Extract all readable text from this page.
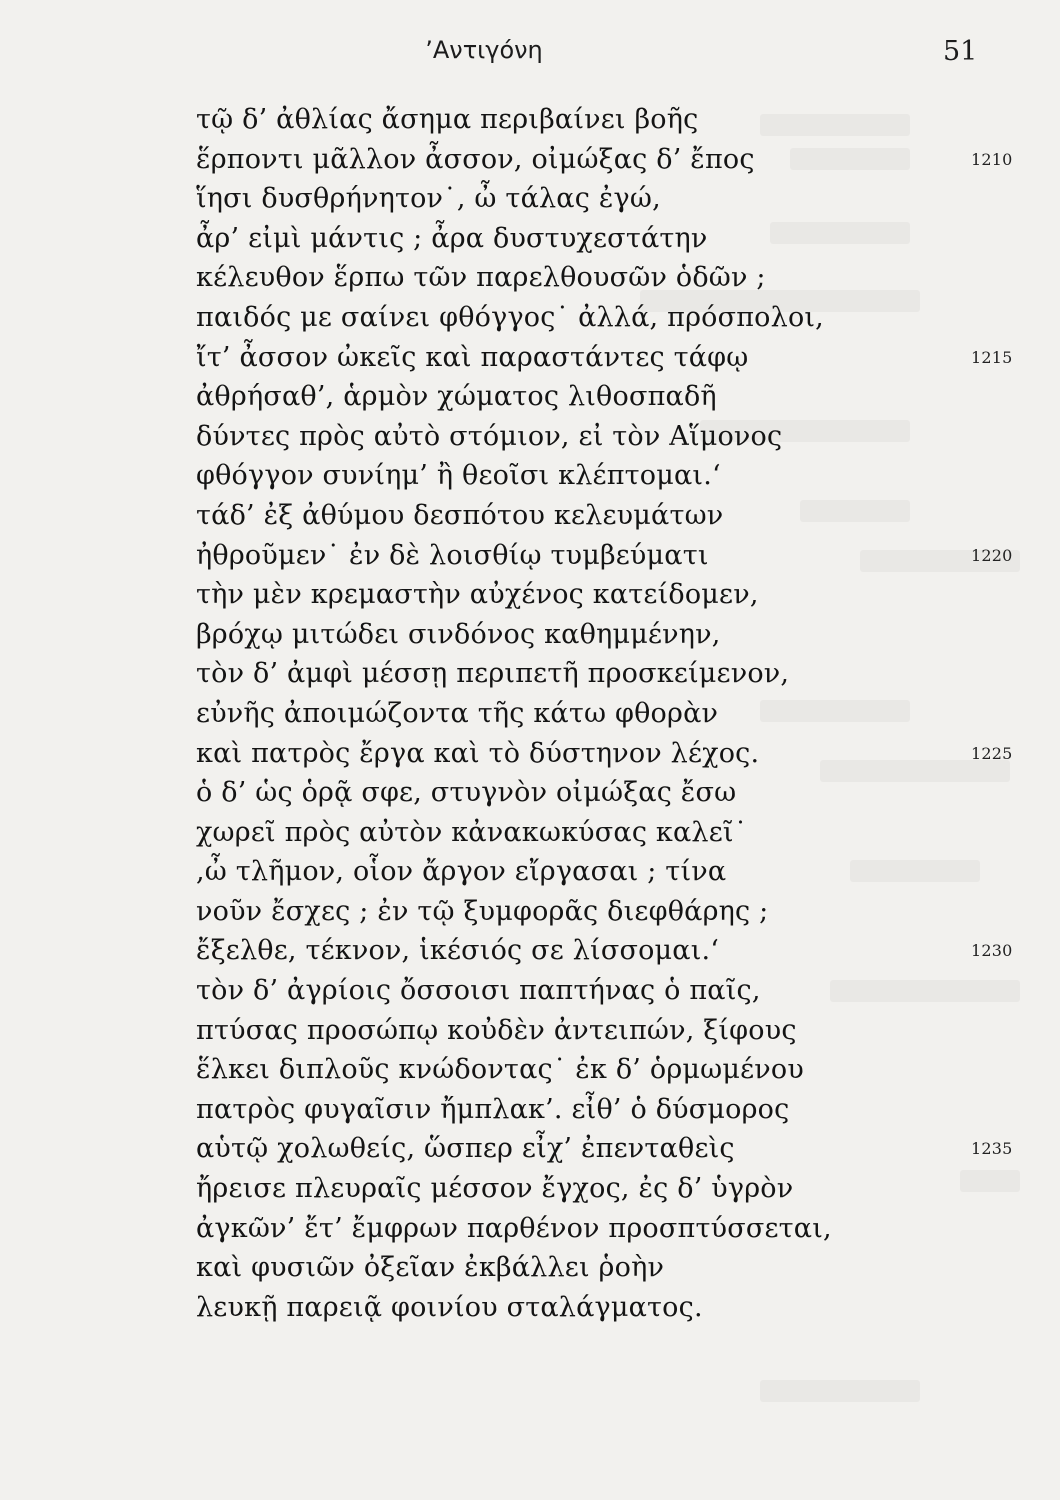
’Αντιγόνη	51
τῷ δ’ ἀθλίας ἄσημα περιβαίνει βοῆς
ἕρποντι μᾶλλον ἆσσον, οἰμώξας δ’ ἔπος	1210
ἵησι δυσθρήνητον˙, ὦ τάλας ἐγώ,
ἆρ’ εἰμὶ μάντις ; ἆρα δυστυχεστάτην
κέλευθον ἕρπω τῶν παρελθουσῶν ὁδῶν ;
παιδός με σαίνει φθόγγος˙ ἀλλά, πρόσπολοι,
ἴτ’ ἆσσον ὠκεῖς καὶ παραστάντες τάφῳ	1215
ἀθρήσαθ’, ἁρμὸν χώματος λιθοσπαδῆ
δύντες πρὸς αὐτὸ στόμιον, εἰ τὸν Αἵμονος
φθόγγον συνίημ’ ἢ θεοῖσι κλέπτομαι.‘
τάδ’ ἐξ ἀθύμου δεσπότου κελευμάτων
ἠθροῦμεν˙ ἐν δὲ λοισθίῳ τυμβεύματι	1220
τὴν μὲν κρεμαστὴν αὐχένος κατείδομεν,
βρόχῳ μιτώδει σινδόνος καθημμένην,
τὸν δ’ ἀμφὶ μέσσῃ περιπετῆ προσκείμενον,
εὐνῆς ἀποιμώζοντα τῆς κάτω φθορὰν
καὶ πατρὸς ἔργα καὶ τὸ δύστηνον λέχος.	1225
ὁ δ’ ὡς ὁρᾷ σφε, στυγνὸν οἰμώξας ἔσω
χωρεῖ πρὸς αὐτὸν κἀνακωκύσας καλεῖ˙
,ὦ τλῆμον, οἷον ἄργον εἴργασαι ; τίνα
νοῦν ἔσχες ; ἐν τῷ ξυμφορᾶς διεφθάρης ;
ἔξελθε, τέκνον, ἱκέσιός σε λίσσομαι.‘	1230
τὸν δ’ ἀγρίοις ὄσσοισι παπτήνας ὁ παῖς,
πτύσας προσώπῳ κοὐδὲν ἀντειπών, ξίφους
ἕλκει διπλοῦς κνώδοντας˙ ἐκ δ’ ὁρμωμένου
πατρὸς φυγαῖσιν ἤμπλακ’. εἶθ’ ὁ δύσμορος
αὑτῷ χολωθείς, ὥσπερ εἶχ’ ἐπενταθεὶς	1235
ἤρεισε πλευραῖς μέσσον ἔγχος, ἐς δ’ ὑγρὸν
ἀγκῶν’ ἔτ’ ἔμφρων παρθένον προσπτύσσεται,
καὶ φυσιῶν ὀξεῖαν ἐκβάλλει ῥοὴν
λευκῇ παρειᾷ φοινίου σταλάγματος.
